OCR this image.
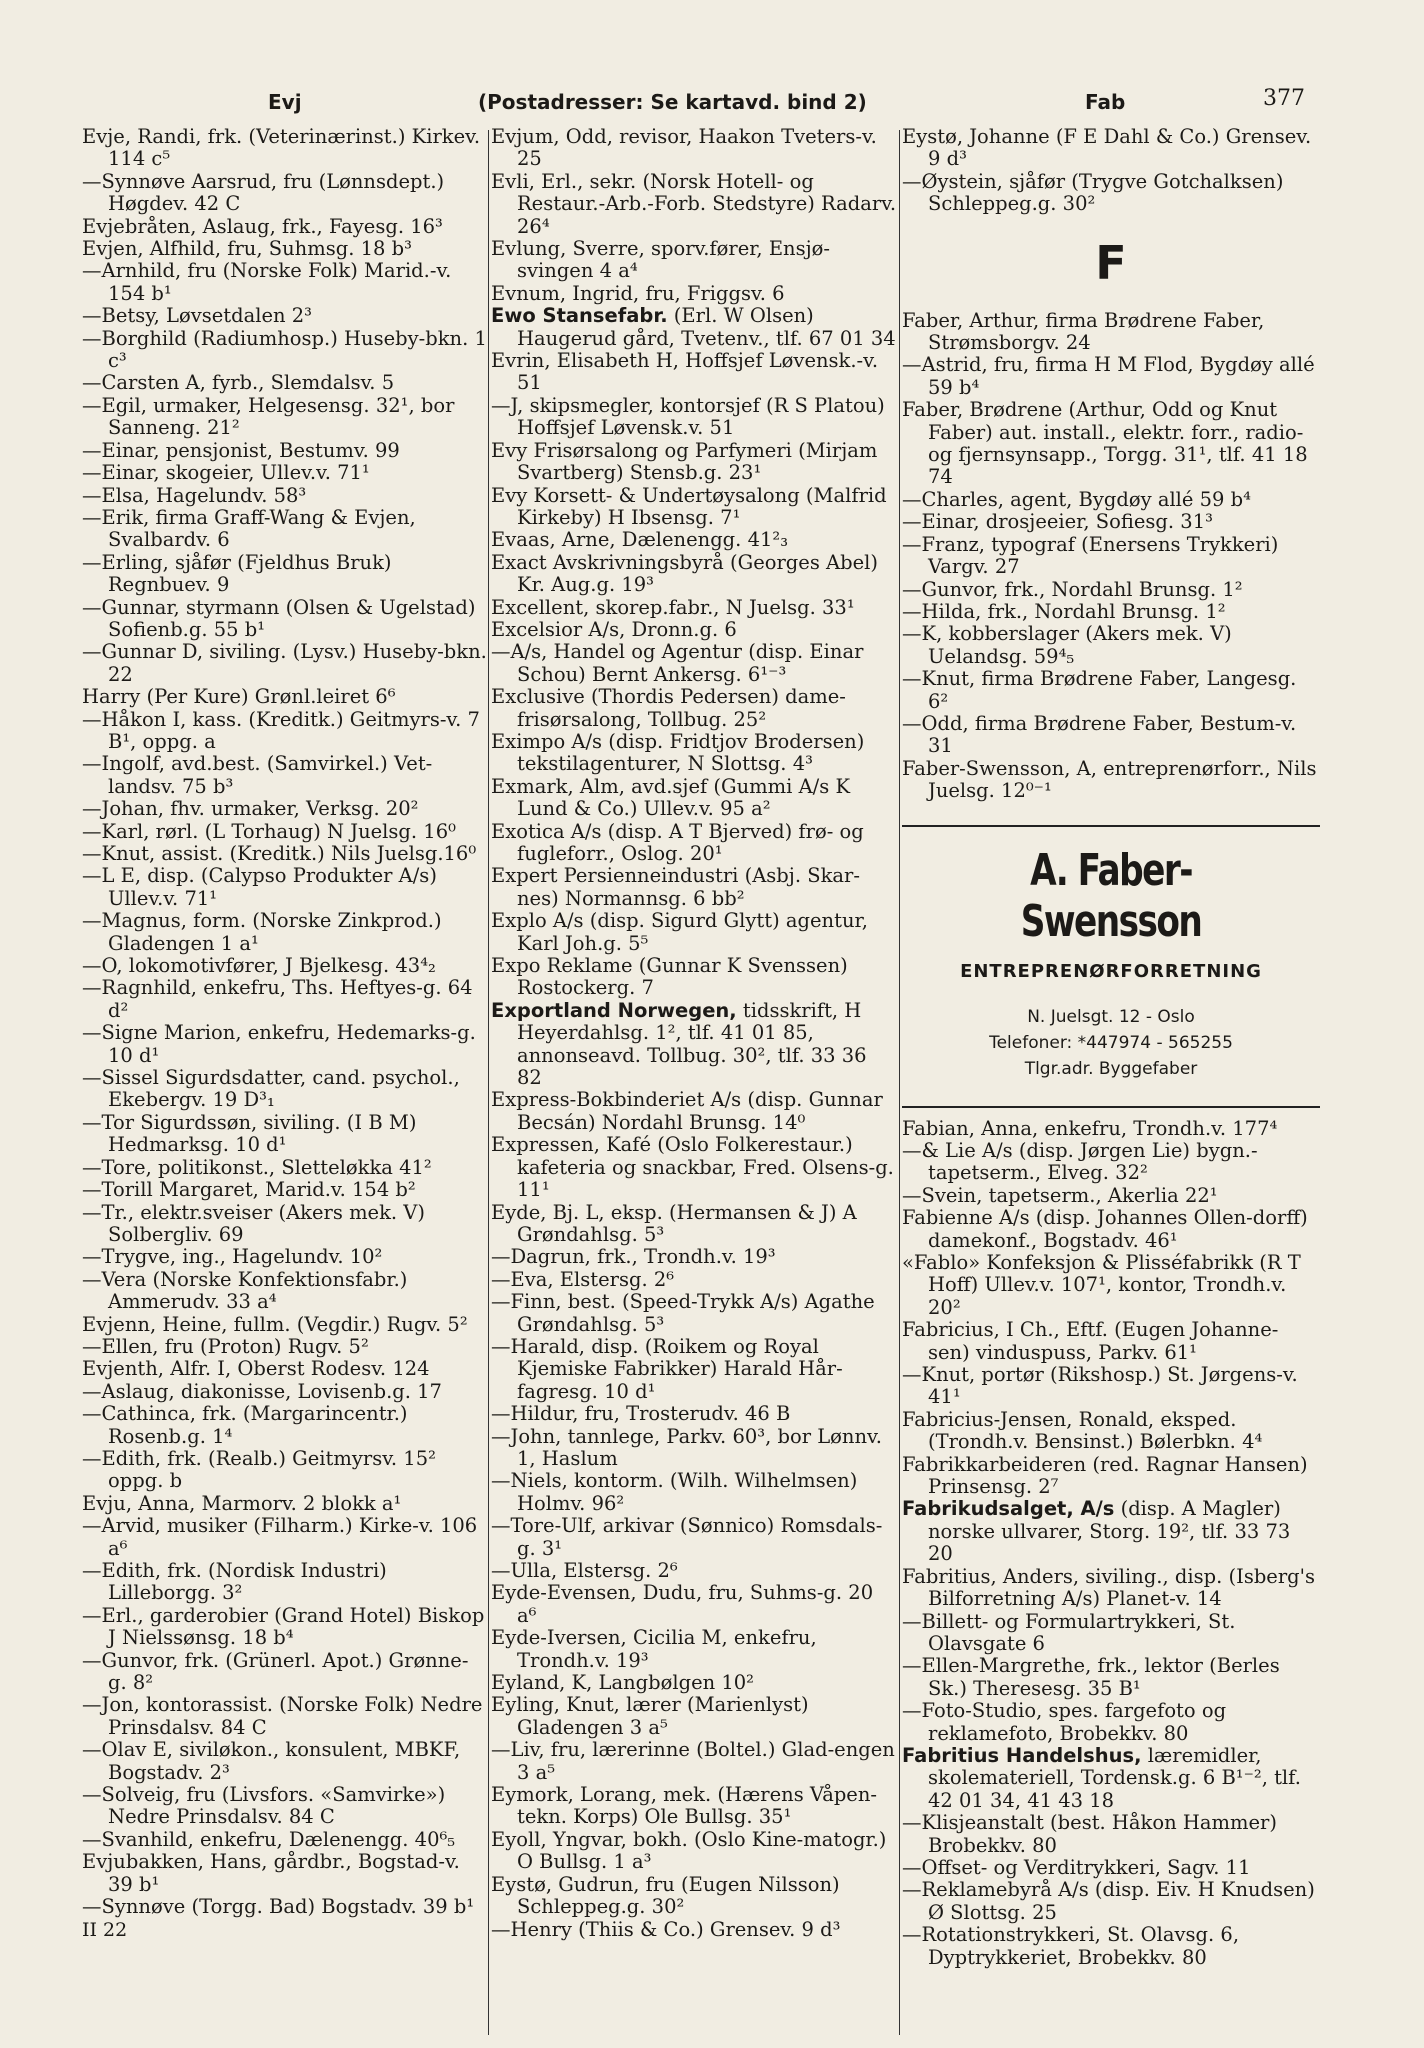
Evj	(Postadresser: Se kartavd. bind 2)	Fab	377
Evje, Randi, frk. (Veterinærinst.) Kirkev. 114 c⁵
—Synnøve Aarsrud, fru (Lønnsdept.) Høgdev. 42 C
Evjebråten, Aslaug, frk., Fayesg. 16³
Evjen, Alfhild, fru, Suhmsg. 18 b³
—Arnhild, fru (Norske Folk) Marid.-v. 154 b¹
—Betsy, Løvsetdalen 2³
—Borghild (Radiumhosp.) Huseby-bkn. 1 c³
—Carsten A, fyrb., Slemdalsv. 5
—Egil, urmaker, Helgesensg. 32¹, bor Sanneng. 21²
—Einar, pensjonist, Bestumv. 99
—Einar, skogeier, Ullev.v. 71¹
—Elsa, Hagelundv. 58³
—Erik, firma Graff-Wang & Evjen, Svalbardv. 6
—Erling, sjåfør (Fjeldhus Bruk) Regnbuev. 9
—Gunnar, styrmann (Olsen & Ugelstad) Sofienb.g. 55 b¹
—Gunnar D, siviling. (Lysv.) Huseby-bkn. 22
Harry (Per Kure) Grønl.leiret 6⁶
—Håkon I, kass. (Kreditk.) Geitmyrs-v. 7 B¹, oppg. a
—Ingolf, avd.best. (Samvirkel.) Vet-landsv. 75 b³
—Johan, fhv. urmaker, Verksg. 20²
—Karl, rørl. (L Torhaug) N Juelsg. 16⁰
—Knut, assist. (Kreditk.) Nils Juelsg.16⁰
—L E, disp. (Calypso Produkter A/s) Ullev.v. 71¹
—Magnus, form. (Norske Zinkprod.) Gladengen 1 a¹
—O, lokomotivfører, J Bjelkesg. 43⁴₂
—Ragnhild, enkefru, Ths. Heftyes-g. 64 d²
—Signe Marion, enkefru, Hedemarks-g. 10 d¹
—Sissel Sigurdsdatter, cand. psychol., Ekebergv. 19 D³₁
—Tor Sigurdssøn, siviling. (I B M) Hedmarksg. 10 d¹
—Tore, politikonst., Sletteløkka 41²
—Torill Margaret, Marid.v. 154 b²
—Tr., elektr.sveiser (Akers mek. V) Solbergliv. 69
—Trygve, ing., Hagelundv. 10²
—Vera (Norske Konfektionsfabr.) Ammerudv. 33 a⁴
Evjenn, Heine, fullm. (Vegdir.) Rugv. 5²
—Ellen, fru (Proton) Rugv. 5²
Evjenth, Alfr. I, Oberst Rodesv. 124
—Aslaug, diakonisse, Lovisenb.g. 17
—Cathinca, frk. (Margarincentr.) Rosenb.g. 1⁴
—Edith, frk. (Realb.) Geitmyrsv. 15² oppg. b
Evju, Anna, Marmorv. 2 blokk a¹
—Arvid, musiker (Filharm.) Kirke-v. 106 a⁶
—Edith, frk. (Nordisk Industri) Lilleborgg. 3²
—Erl., garderobier (Grand Hotel) Biskop J Nielssønsg. 18 b⁴
—Gunvor, frk. (Grünerl. Apot.) Grønne-g. 8²
—Jon, kontorassist. (Norske Folk) Nedre Prinsdalsv. 84 C
—Olav E, siviløkon., konsulent, MBKF, Bogstadv. 2³
—Solveig, fru (Livsfors. «Samvirke») Nedre Prinsdalsv. 84 C
—Svanhild, enkefru, Dælenengg. 40⁶₅
Evjubakken, Hans, gårdbr., Bogstad-v. 39 b¹
—Synnøve (Torgg. Bad) Bogstadv. 39 b¹
II 22
Evjum, Odd, revisor, Haakon Tveters-v. 25
Evli, Erl., sekr. (Norsk Hotell- og Restaur.-Arb.-Forb. Stedstyre) Radarv. 26⁴
Evlung, Sverre, sporv.fører, Ensjø-svingen 4 a⁴
Evnum, Ingrid, fru, Friggsv. 6
Ewo Stansefabr. (Erl. W Olsen) Haugerud gård, Tvetenv., tlf. 67 01 34
Evrin, Elisabeth H, Hoffsjef Løvensk.-v. 51
—J, skipsmegler, kontorsjef (R S Platou) Hoffsjef Løvensk.v. 51
Evy Frisørsalong og Parfymeri (Mirjam Svartberg) Stensb.g. 23¹
Evy Korsett- & Undertøysalong (Malfrid Kirkeby) H Ibsensg. 7¹
Evaas, Arne, Dælenengg. 41²₃
Exact Avskrivningsbyrå (Georges Abel) Kr. Aug.g. 19³
Excellent, skorep.fabr., N Juelsg. 33¹
Excelsior A/s, Dronn.g. 6
—A/s, Handel og Agentur (disp. Einar Schou) Bernt Ankersg. 6¹⁻³
Exclusive (Thordis Pedersen) dame-frisørsalong, Tollbug. 25²
Eximpo A/s (disp. Fridtjov Brodersen) tekstilagenturer, N Slottsg. 4³
Exmark, Alm, avd.sjef (Gummi A/s K Lund & Co.) Ullev.v. 95 a²
Exotica A/s (disp. A T Bjerved) frø- og fugleforr., Oslog. 20¹
Expert Persienneindustri (Asbj. Skar-nes) Normannsg. 6 bb²
Explo A/s (disp. Sigurd Glytt) agentur, Karl Joh.g. 5⁵
Expo Reklame (Gunnar K Svenssen) Rostockerg. 7
Exportland Norwegen, tidsskrift, H Heyerdahlsg. 1², tlf. 41 01 85, annonseavd. Tollbug. 30², tlf. 33 36 82
Express-Bokbinderiet A/s (disp. Gunnar Becsán) Nordahl Brunsg. 14⁰
Expressen, Kafé (Oslo Folkerestaur.) kafeteria og snackbar, Fred. Olsens-g. 11¹
Eyde, Bj. L, eksp. (Hermansen & J) A Grøndahlsg. 5³
—Dagrun, frk., Trondh.v. 19³
—Eva, Elstersg. 2⁶
—Finn, best. (Speed-Trykk A/s) Agathe Grøndahlsg. 5³
—Harald, disp. (Roikem og Royal Kjemiske Fabrikker) Harald Hår-fagresg. 10 d¹
—Hildur, fru, Trosterudv. 46 B
—John, tannlege, Parkv. 60³, bor Lønnv. 1, Haslum
—Niels, kontorm. (Wilh. Wilhelmsen) Holmv. 96²
—Tore-Ulf, arkivar (Sønnico) Romsdals-g. 3¹
—Ulla, Elstersg. 2⁶
Eyde-Evensen, Dudu, fru, Suhms-g. 20 a⁶
Eyde-Iversen, Cicilia M, enkefru, Trondh.v. 19³
Eyland, K, Langbølgen 10²
Eyling, Knut, lærer (Marienlyst) Gladengen 3 a⁵
—Liv, fru, lærerinne (Boltel.) Glad-engen 3 a⁵
Eymork, Lorang, mek. (Hærens Våpen-tekn. Korps) Ole Bullsg. 35¹
Eyoll, Yngvar, bokh. (Oslo Kine-matogr.) O Bullsg. 1 a³
Eystø, Gudrun, fru (Eugen Nilsson) Schleppeg.g. 30²
—Henry (Thiis & Co.) Grensev. 9 d³
Eystø, Johanne (F E Dahl & Co.) Grensev. 9 d³
—Øystein, sjåfør (Trygve Gotchalksen) Schleppeg.g. 30²
F
Faber, Arthur, firma Brødrene Faber, Strømsborgv. 24
—Astrid, fru, firma H M Flod, Bygdøy allé 59 b⁴
Faber, Brødrene (Arthur, Odd og Knut Faber) aut. install., elektr. forr., radio- og fjernsynsapp., Torgg. 31¹, tlf. 41 18 74
—Charles, agent, Bygdøy allé 59 b⁴
—Einar, drosjeeier, Sofiesg. 31³
—Franz, typograf (Enersens Trykkeri) Vargv. 27
—Gunvor, frk., Nordahl Brunsg. 1²
—Hilda, frk., Nordahl Brunsg. 1²
—K, kobberslager (Akers mek. V) Uelandsg. 59⁴₅
—Knut, firma Brødrene Faber, Langesg. 6²
—Odd, firma Brødrene Faber, Bestum-v. 31
Faber-Swensson, A, entreprenørforr., Nils Juelsg. 12⁰⁻¹
A. Faber-Swensson
ENTREPRENØRFORRETNING
N. Juelsgt. 12 - Oslo
Telefoner: *447974 - 565255
Tlgr.adr. Byggefaber
Fabian, Anna, enkefru, Trondh.v. 177⁴
—& Lie A/s (disp. Jørgen Lie) bygn.-tapetserm., Elveg. 32²
—Svein, tapetserm., Akerlia 22¹
Fabienne A/s (disp. Johannes Ollen-dorff) damekonf., Bogstadv. 46¹
«Fablo» Konfeksjon & Plisséfabrikk (R T Hoff) Ullev.v. 107¹, kontor, Trondh.v. 20²
Fabricius, I Ch., Eftf. (Eugen Johanne-sen) vinduspuss, Parkv. 61¹
—Knut, portør (Rikshosp.) St. Jørgens-v. 41¹
Fabricius-Jensen, Ronald, eksped. (Trondh.v. Bensinst.) Bølerbkn. 4⁴
Fabrikkarbeideren (red. Ragnar Hansen) Prinsensg. 2⁷
Fabrikudsalget, A/s (disp. A Magler) norske ullvarer, Storg. 19², tlf. 33 73 20
Fabritius, Anders, siviling., disp. (Isberg's Bilforretning A/s) Planet-v. 14
—Billett- og Formulartrykkeri, St. Olavsgate 6
—Ellen-Margrethe, frk., lektor (Berles Sk.) Theresesg. 35 B¹
—Foto-Studio, spes. fargefoto og reklamefoto, Brobekkv. 80
Fabritius Handelshus, læremidler, skolemateriell, Tordensk.g. 6 B¹⁻², tlf. 42 01 34, 41 43 18
—Klisjeanstalt (best. Håkon Hammer) Brobekkv. 80
—Offset- og Verditrykkeri, Sagv. 11
—Reklamebyrå A/s (disp. Eiv. H Knudsen) Ø Slottsg. 25
—Rotationstrykkeri, St. Olavsg. 6, Dyptrykkeriet, Brobekkv. 80
